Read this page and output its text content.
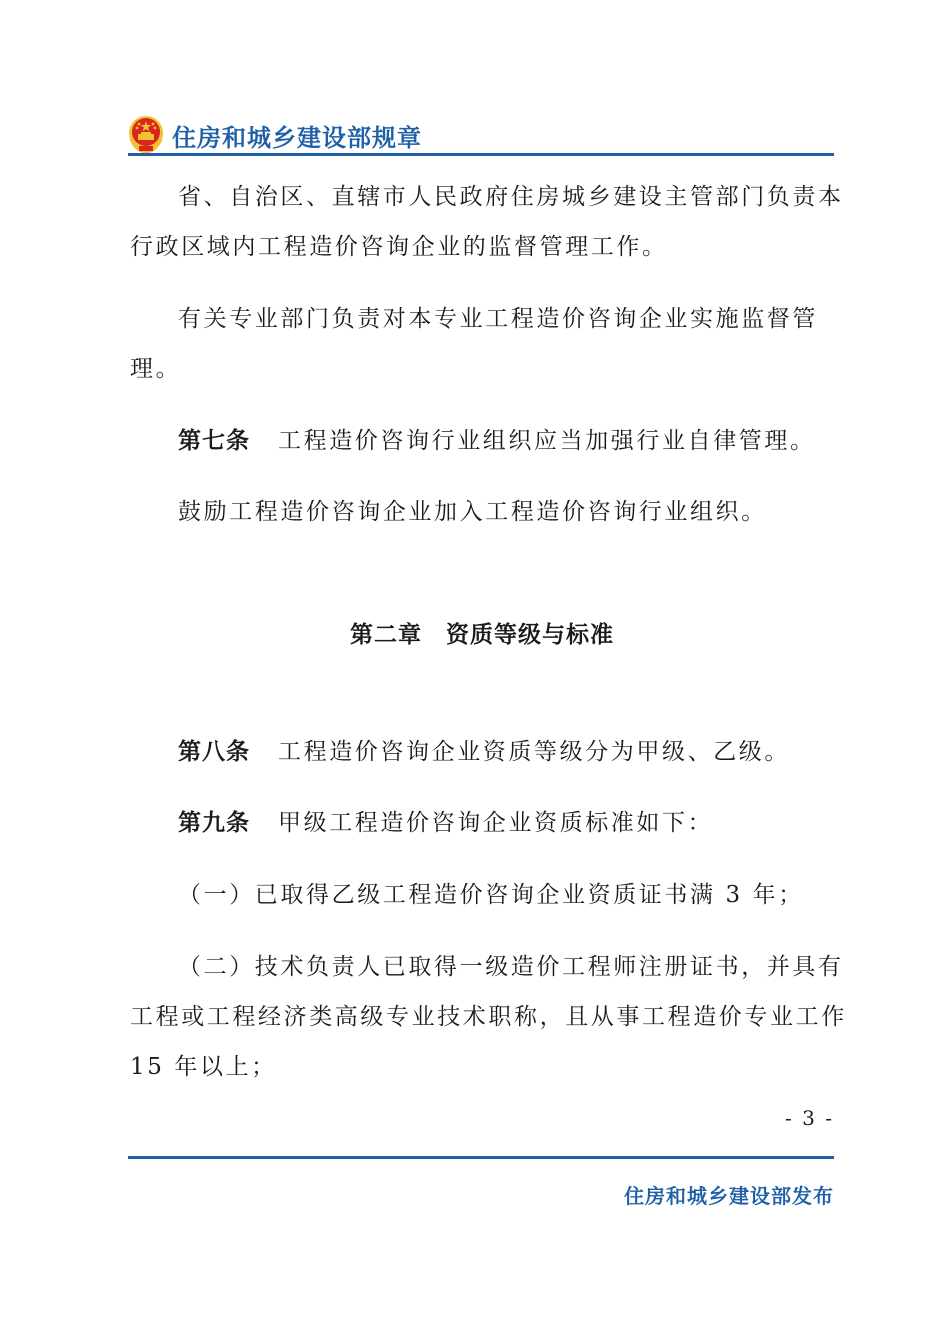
住房和城乡建设部规章
省、自治区、直辖市人民政府住房城乡建设主管部门负责本
行政区域内工程造价咨询企业的监督管理工作。
有关专业部门负责对本专业工程造价咨询企业实施监督管
理。
第七条 工程造价咨询行业组织应当加强行业自律管理。
鼓励工程造价咨询企业加入工程造价咨询行业组织。
第二章　资质等级与标准
第八条 工程造价咨询企业资质等级分为甲级、乙级。
第九条 甲级工程造价咨询企业资质标准如下：
（一）已取得乙级工程造价咨询企业资质证书满 3 年；
（二）技术负责人已取得一级造价工程师注册证书，并具有
工程或工程经济类高级专业技术职称，且从事工程造价专业工作
15 年以上；
- 3 -
住房和城乡建设部发布
